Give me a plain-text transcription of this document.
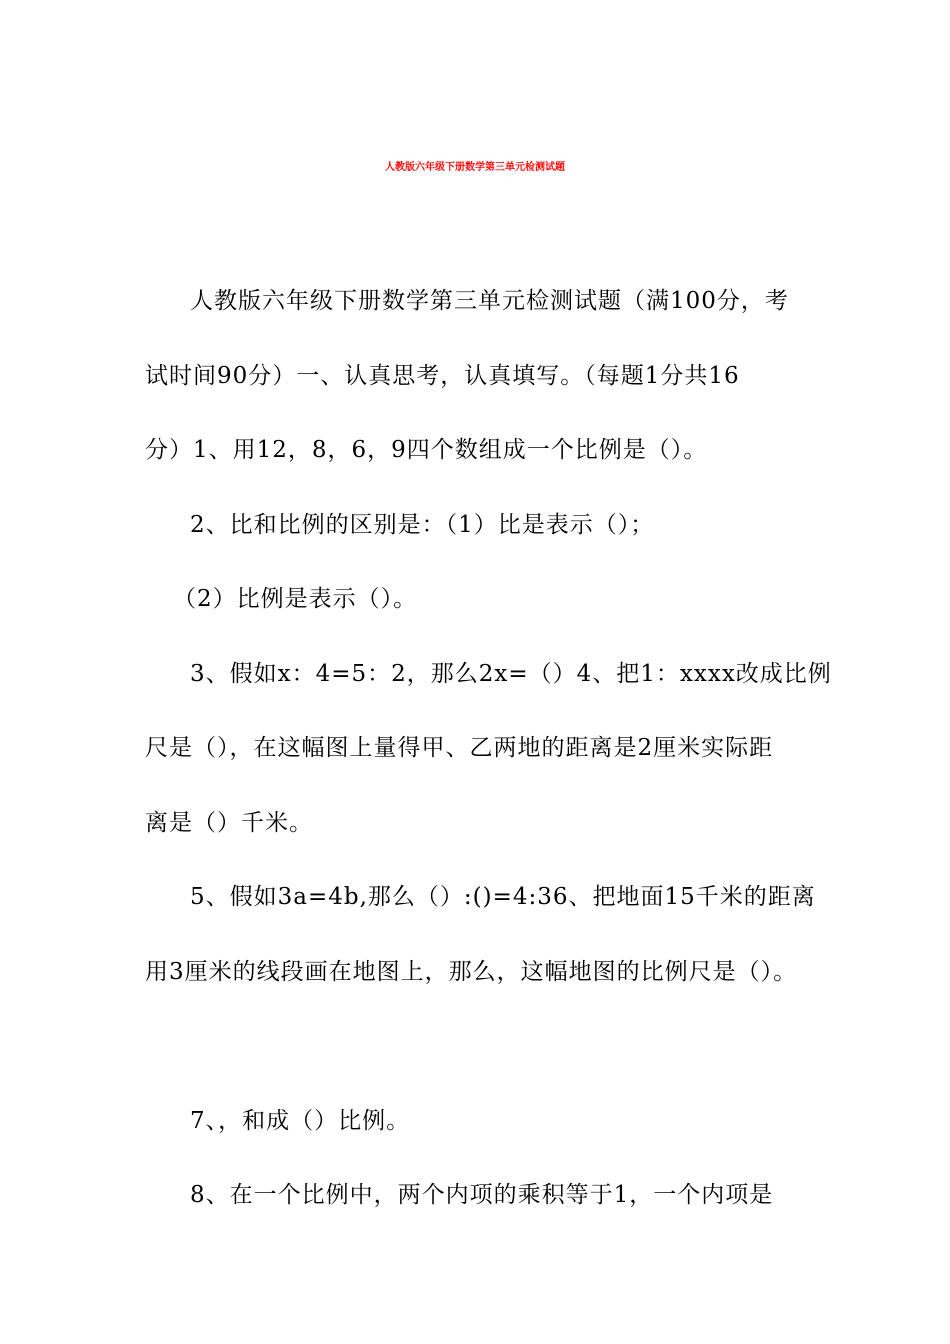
人教版六年级下册数学第三单元检测试题
人教版六年级下册数学第三单元检测试题（满100分，考
试时间90分）一、认真思考，认真填写。（每题1分共16
分）1、用12，8，6，9四个数组成一个比例是（）。
2、比和比例的区别是：（1）比是表示（）；
（2）比例是表示（）。
3、假如x：4=5：2，那么2x=（）4、把1：xxxx改成比例
尺是（），在这幅图上量得甲、乙两地的距离是2厘米实际距
离是（）千米。
5、假如3a=4b,那么（）:()=4:36、把地面15千米的距离
用3厘米的线段画在地图上，那么，这幅地图的比例尺是（）。
7、，和成（）比例。
8、在一个比例中，两个内项的乘积等于1，一个内项是
